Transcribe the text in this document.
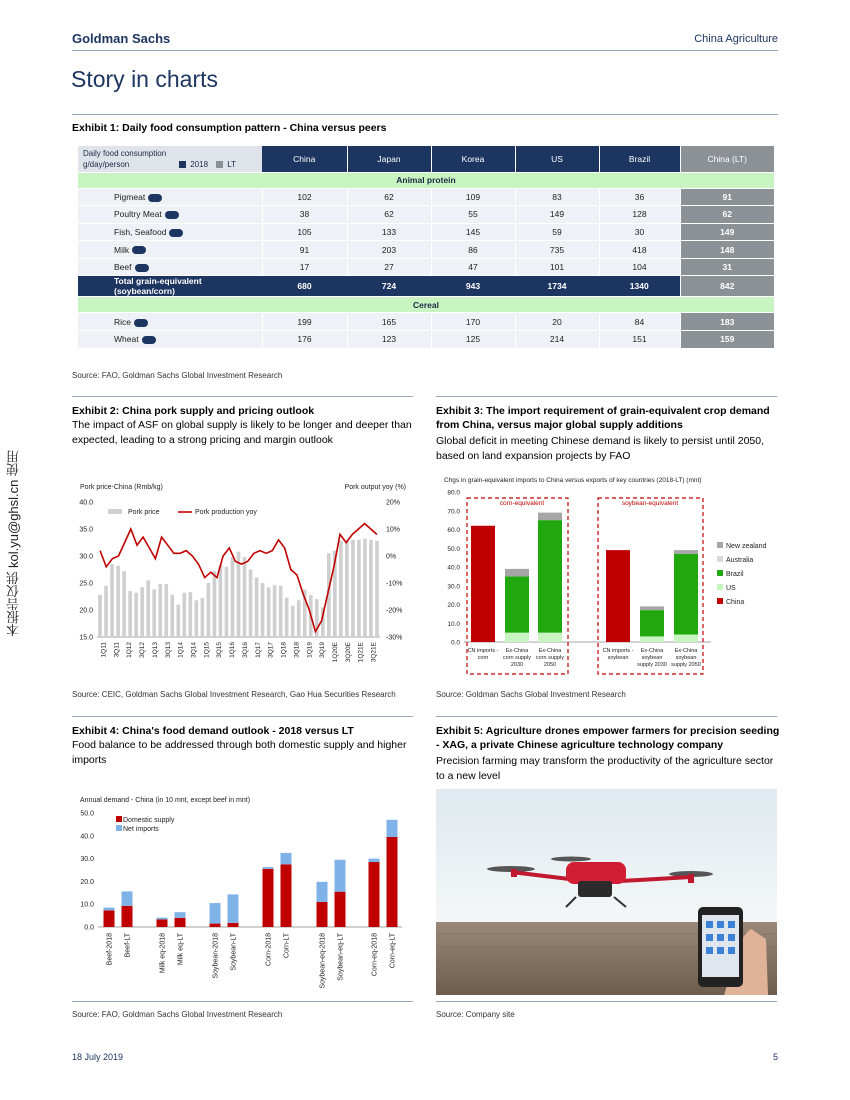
本报告仅供 kol.yu@ghsl.cn 使用
Goldman Sachs	China Agriculture
Story in charts
Exhibit 1: Daily food consumption pattern - China versus peers
Daily food consumption g/day/person 2018 LT	China	Japan	Korea	US	Brazil	China (LT)
Animal protein						
Pigmeat	102	62	109	83	36	91
Poultry Meat	38	62	55	149	128	62
Fish, Seafood	105	133	145	59	30	149
Milk	91	203	86	735	418	148
Beef	17	27	47	101	104	31
Total grain-equivalent (soybean/corn)	680	724	943	1734	1340	842
Cereal						
Rice	199	165	170	20	84	183
Wheat	176	123	125	214	151	159
Source: FAO, Goldman Sachs Global Investment Research
Exhibit 2: China pork supply and pricing outlook
The impact of ASF on global supply is likely to be longer and deeper than expected, leading to a strong pricing and margin outlook
Pork price-China (Rmb/kg)	Pork output yoy (%)
40.0	20%
35.0	10%
30.0	0%
25.0	-10%
20.0	-20%
15.0	-30%
1Q11 3Q11 1Q12 3Q12 1Q13 3Q13 1Q14 3Q14 1Q15 3Q15 1Q16 3Q16 1Q17 3Q17 1Q18 3Q18 1Q19 3Q19 1Q20E 3Q20E 1Q21E 3Q21E
Pork price	Pork production yoy
Source: CEIC, Goldman Sachs Global Investment Research, Gao Hua Securities Research
Exhibit 3: The import requirement of grain-equivalent crop demand from China, versus major global supply additions
Global deficit in meeting Chinese demand is likely to persist until 2050, based on land expansion projects by FAO
Chgs in grain-equivalent imports to China versus exports of key countries (2018-LT) (mnt)
80.0
70.0
60.0
50.0
40.0
30.0
20.0
10.0
0.0
corn-equivalent	soybean-equivalent
CN imports -corn
Ex-China corn supply 2030
Ex-China corn supply 2050
CN imports -soybean
Ex-China soybean supply 2030
Ex-China soybean supply 2050
New zealand
Australia
Brazil
US
China
Source: Goldman Sachs Global Investment Research
Exhibit 4: China's food demand outlook - 2018 versus LT
Food balance to be addressed through both domestic supply and higher imports
Annual demand - China (in 10 mnt, except beef in mnt)
50.0
40.0
30.0
20.0
10.0
0.0
Beef-2018 Beef-LT	Milk eq-2018 Milk eq-LT	Soybean-2018 Soybean-LT	Corn-2018 Corn-LT	Soybean-eq-2018 Soybean-eq-LT	Corn-eq-2018 Corn-eq-LT
Domestic supply
Net imports
Source: FAO, Goldman Sachs Global Investment Research
Exhibit 5: Agriculture drones empower farmers for precision seeding - XAG, a private Chinese agriculture technology company
Precision farming may transform the productivity of the agriculture sector to a new level
Source: Company site
18 July 2019	5
